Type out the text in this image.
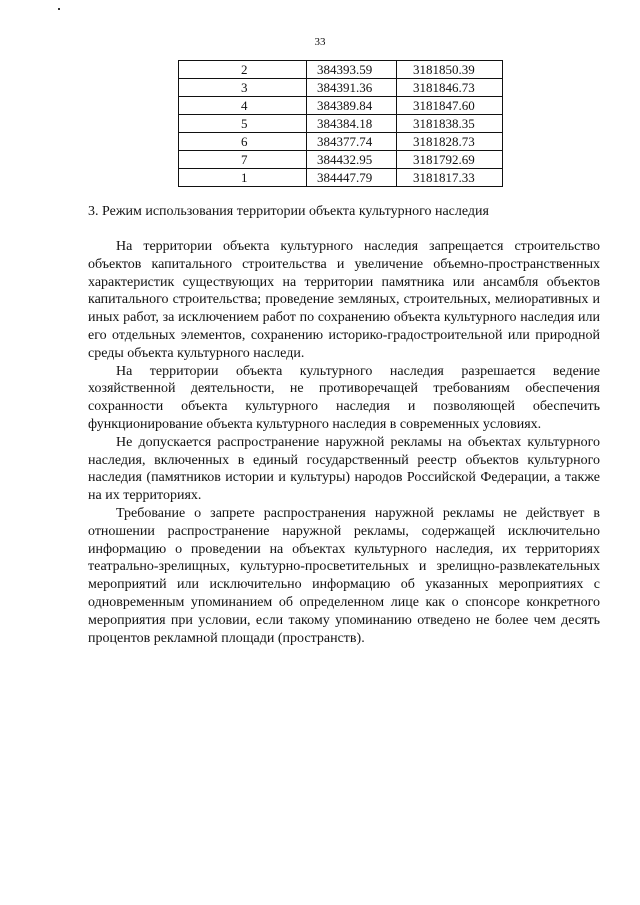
33
2	384393.59	3181850.39
3	384391.36	3181846.73
4	384389.84	3181847.60
5	384384.18	3181838.35
6	384377.74	3181828.73
7	384432.95	3181792.69
1	384447.79	3181817.33
3. Режим использования территории объекта культурного наследия

На территории объекта культурного наследия запрещается строительство объектов капитального строительства и увеличение объемно-пространственных характеристик существующих на территории памятника или ансамбля объектов капитального строительства; проведение земляных, строительных, мелиоративных и иных работ, за исключением работ по сохранению объекта культурного наследия или его отдельных элементов, сохранению историко-градостроительной или природной среды объекта культурного наследи.

На территории объекта культурного наследия разрешается ведение хозяйственной деятельности, не противоречащей требованиям обеспечения сохранности объекта культурного наследия и позволяющей обеспечить функционирование объекта культурного наследия в современных условиях.

Не допускается распространение наружной рекламы на объектах культурного наследия, включенных в единый государственный реестр объектов культурного наследия (памятников истории и культуры) народов Российской Федерации, а также на их территориях.

Требование о запрете распространения наружной рекламы не действует в отношении распространение наружной рекламы, содержащей исключительно информацию о проведении на объектах культурного наследия, их территориях театрально-зрелищных, культурно-просветительных и зрелищно-развлекательных мероприятий или исключительно информацию об указанных мероприятиях с одновременным упоминанием об определенном лице как о спонсоре конкретного мероприятия при условии, если такому упоминанию отведено не более чем десять процентов рекламной площади (пространств).
